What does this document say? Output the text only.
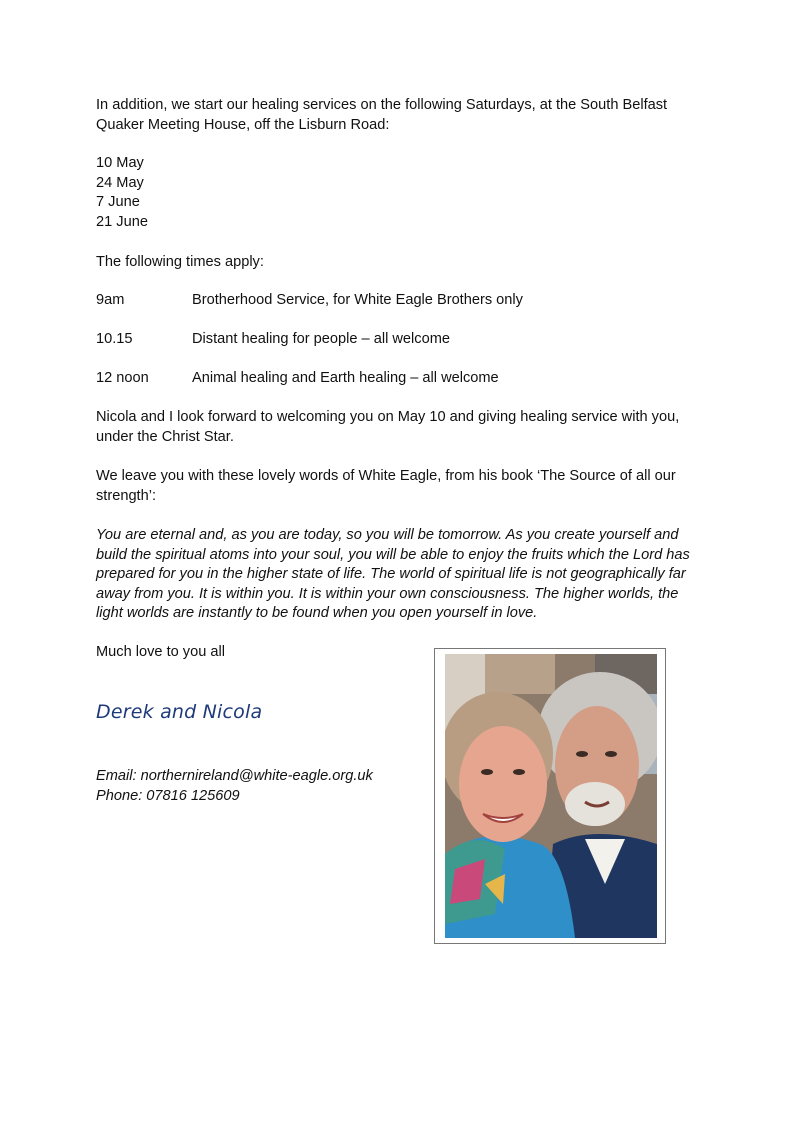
In addition, we start our healing services on the following Saturdays, at the South Belfast Quaker Meeting House, off the Lisburn Road:

10 May
24 May
7 June
21 June

The following times apply:

9am	Brotherhood Service, for White Eagle Brothers only
10.15	Distant healing for people – all welcome
12 noon	Animal healing and Earth healing – all welcome

Nicola and I look forward to welcoming you on May 10 and giving healing service with you, under the Christ Star.

We leave you with these lovely words of White Eagle, from his book ‘The Source of all our strength’:

You are eternal and, as you are today, so you will be tomorrow. As you create yourself and build the spiritual atoms into your soul, you will be able to enjoy the fruits which the Lord has prepared for you in the higher state of life. The world of spiritual life is not geographically far away from you. It is within you. It is within your own consciousness. The higher worlds, the light worlds are instantly to be found when you open yourself in love.

Much love to you all

Derek and Nicola
Email: northernireland@white-eagle.org.uk
Phone: 07816 125609
